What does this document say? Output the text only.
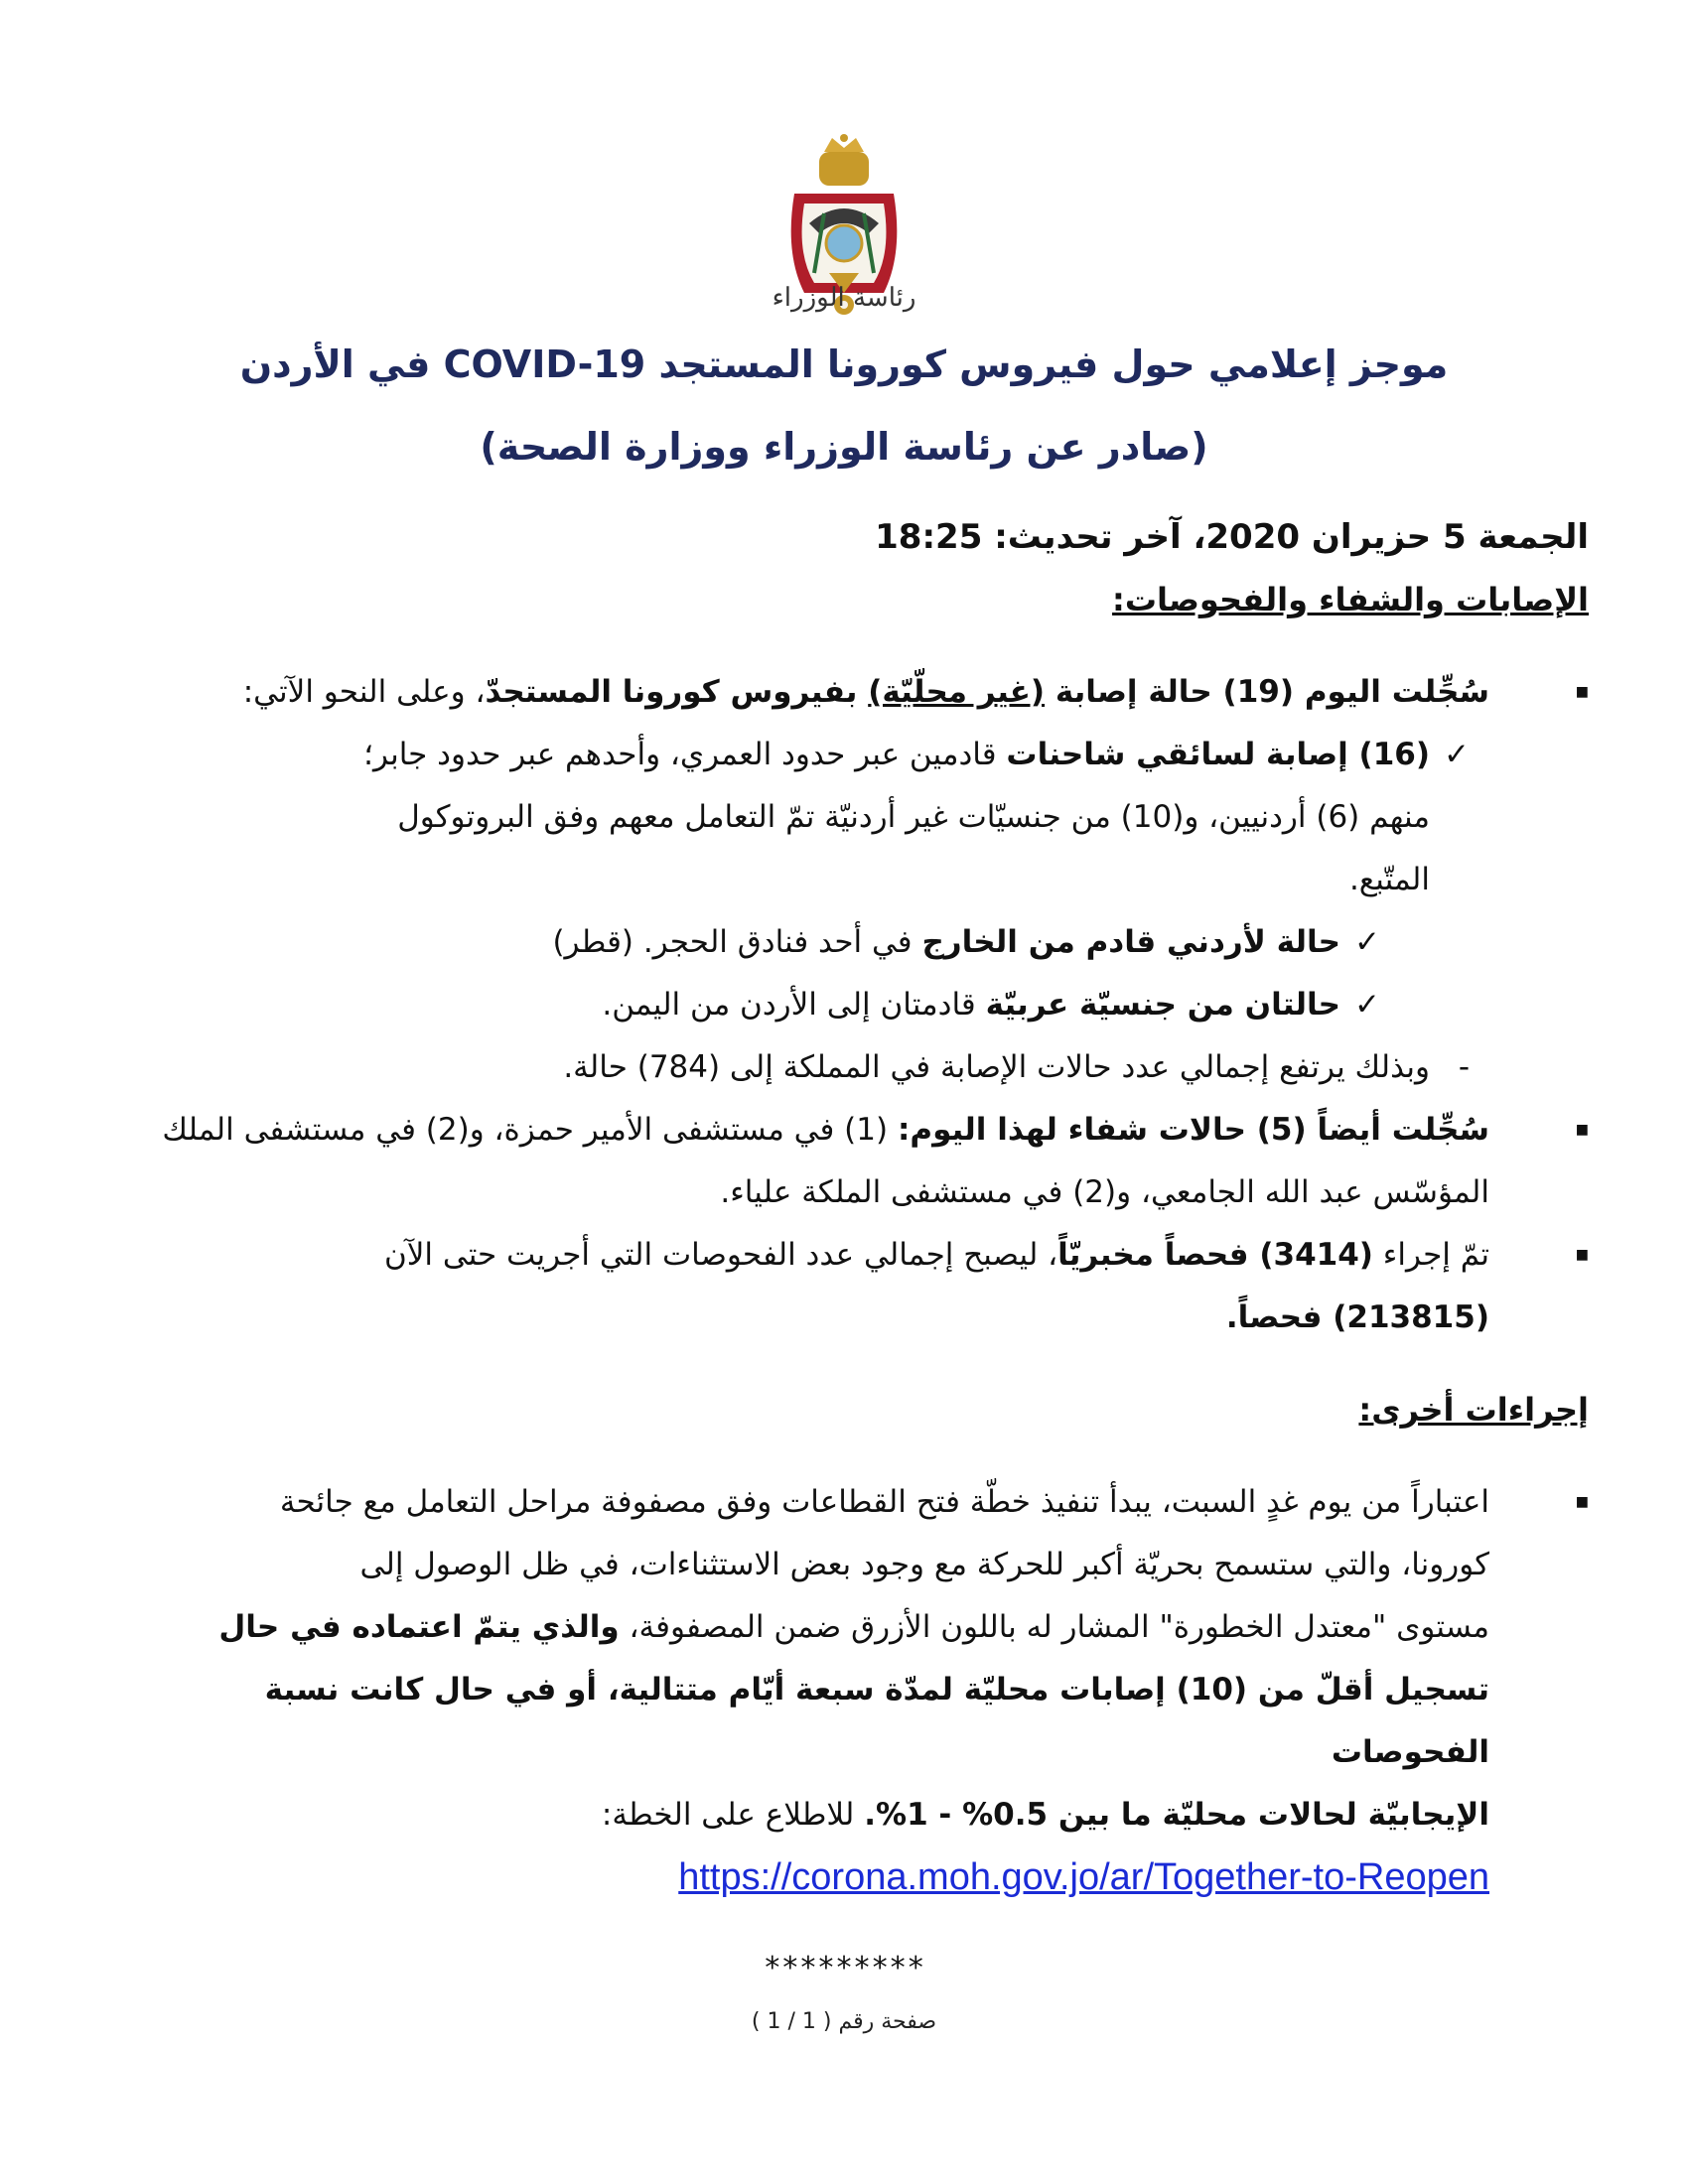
رئاسة الوزراء
موجز إعلامي حول فيروس كورونا المستجد COVID-19 في الأردن
(صادر عن رئاسة الوزراء ووزارة الصحة)
الجمعة 5 حزيران 2020، آخر تحديث: 18:25
الإصابات والشفاء والفحوصات:
■ سُجِّلت اليوم (19) حالة إصابة (غير محلّيّة) بفيروس كورونا المستجدّ، وعلى النحو الآتي:
✓
(16) إصابة لسائقي شاحنات قادمين عبر حدود العمري، وأحدهم عبر حدود جابر؛
منهم (6) أردنيين، و(10) من جنسيّات غير أردنيّة تمّ التعامل معهم وفق البروتوكول
المتّبع.
✓
حالة لأردني قادم من الخارج في أحد فنادق الحجر. (قطر)
✓
حالتان من جنسيّة عربيّة قادمتان إلى الأردن من اليمن.
-
وبذلك يرتفع إجمالي عدد حالات الإصابة في المملكة إلى (784) حالة.
■ سُجِّلت أيضاً (5) حالات شفاء لهذا اليوم: (1) في مستشفى الأمير حمزة، و(2) في مستشفى الملك
المؤسّس عبد الله الجامعي، و(2) في مستشفى الملكة علياء.
■ تمّ إجراء (3414) فحصاً مخبريّاً، ليصبح إجمالي عدد الفحوصات التي أجريت حتى الآن
(213815) فحصاً.
إجراءات أخرى:
■ اعتباراً من يوم غدٍ السبت، يبدأ تنفيذ خطّة فتح القطاعات وفق مصفوفة مراحل التعامل مع جائحة
كورونا، والتي ستسمح بحريّة أكبر للحركة مع وجود بعض الاستثناءات، في ظل الوصول إلى
مستوى "معتدل الخطورة" المشار له باللون الأزرق ضمن المصفوفة، والذي يتمّ اعتماده في حال
تسجيل أقلّ من (10) إصابات محليّة لمدّة سبعة أيّام متتالية، أو في حال كانت نسبة الفحوصات
الإيجابيّة لحالات محليّة ما بين 0.5% - 1%. للاطلاع على الخطة:
https://corona.moh.gov.jo/ar/Together-to-Reopen
*********
صفحة رقم ( 1 / 1 )
